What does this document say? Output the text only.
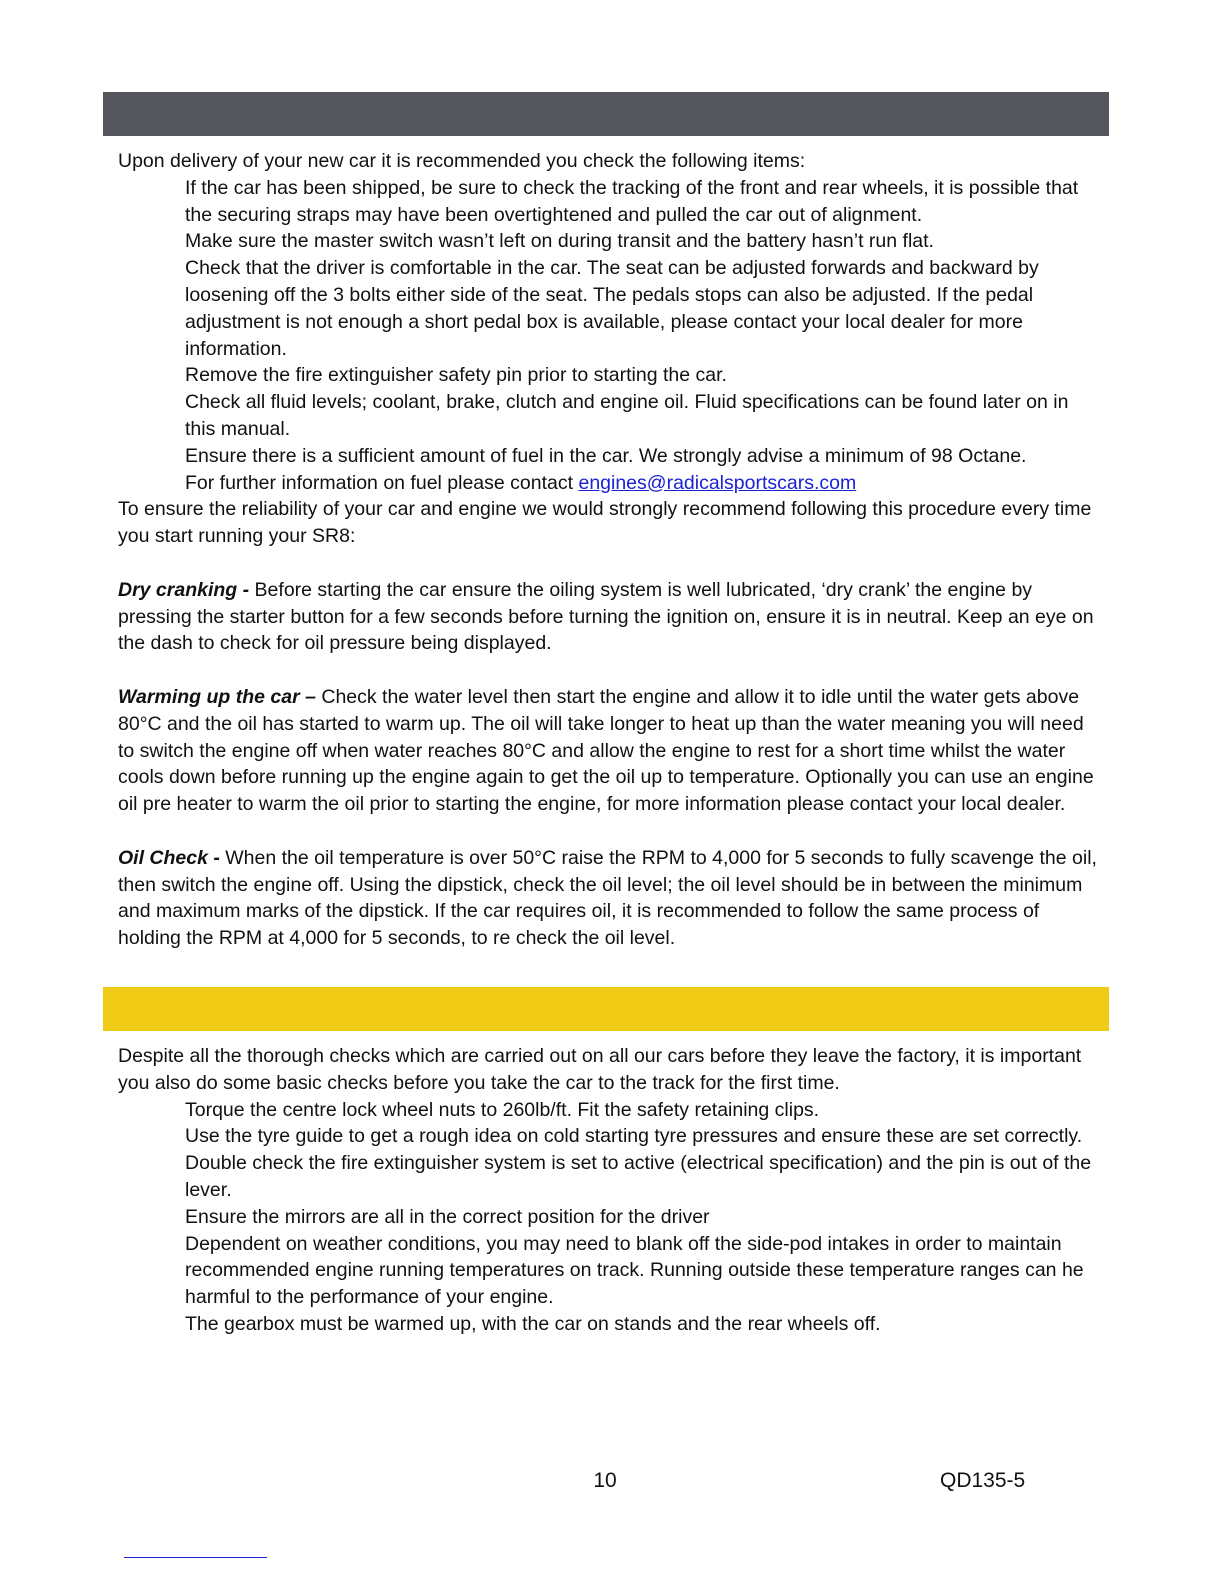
Upon delivery of your new car it is recommended you check the following items:

If the car has been shipped, be sure to check the tracking of the front and rear wheels, it is possible that the securing straps may have been overtightened and pulled the car out of alignment.

Make sure the master switch wasn’t left on during transit and the battery hasn’t run flat.

Check that the driver is comfortable in the car. The seat can be adjusted forwards and backward by loosening off the 3 bolts either side of the seat. The pedals stops can also be adjusted. If the pedal adjustment is not enough a short pedal box is available, please contact your local dealer for more information.

Remove the fire extinguisher safety pin prior to starting the car.

Check all fluid levels; coolant, brake, clutch and engine oil. Fluid specifications can be found later on in this manual.

Ensure there is a sufficient amount of fuel in the car. We strongly advise a minimum of 98 Octane.

For further information on fuel please contact engines@radicalsportscars.com

To ensure the reliability of your car and engine we would strongly recommend following this procedure every time you start running your SR8:

Dry cranking - Before starting the car ensure the oiling system is well lubricated, ‘dry crank’ the engine by pressing the starter button for a few seconds before turning the ignition on, ensure it is in neutral. Keep an eye on the dash to check for oil pressure being displayed.

Warming up the car – Check the water level then start the engine and allow it to idle until the water gets above 80°C and the oil has started to warm up. The oil will take longer to heat up than the water meaning you will need to switch the engine off when water reaches 80°C and allow the engine to rest for a short time whilst the water cools down before running up the engine again to get the oil up to temperature. Optionally you can use an engine oil pre heater to warm the oil prior to starting the engine, for more information please contact your local dealer.

Oil Check - When the oil temperature is over 50°C raise the RPM to 4,000 for 5 seconds to fully scavenge the oil, then switch the engine off. Using the dipstick, check the oil level; the oil level should be in between the minimum and maximum marks of the dipstick. If the car requires oil, it is recommended to follow the same process of holding the RPM at 4,000 for 5 seconds, to re check the oil level.

Despite all the thorough checks which are carried out on all our cars before they leave the factory, it is important you also do some basic checks before you take the car to the track for the first time.

Torque the centre lock wheel nuts to 260lb/ft. Fit the safety retaining clips.

Use the tyre guide to get a rough idea on cold starting tyre pressures and ensure these are set correctly.

Double check the fire extinguisher system is set to active (electrical specification) and the pin is out of the lever.

Ensure the mirrors are all in the correct position for the driver

Dependent on weather conditions, you may need to blank off the side-pod intakes in order to maintain recommended engine running temperatures on track. Running outside these temperature ranges can he harmful to the performance of your engine.

The gearbox must be warmed up, with the car on stands and the rear wheels off.

10	QD135-5
